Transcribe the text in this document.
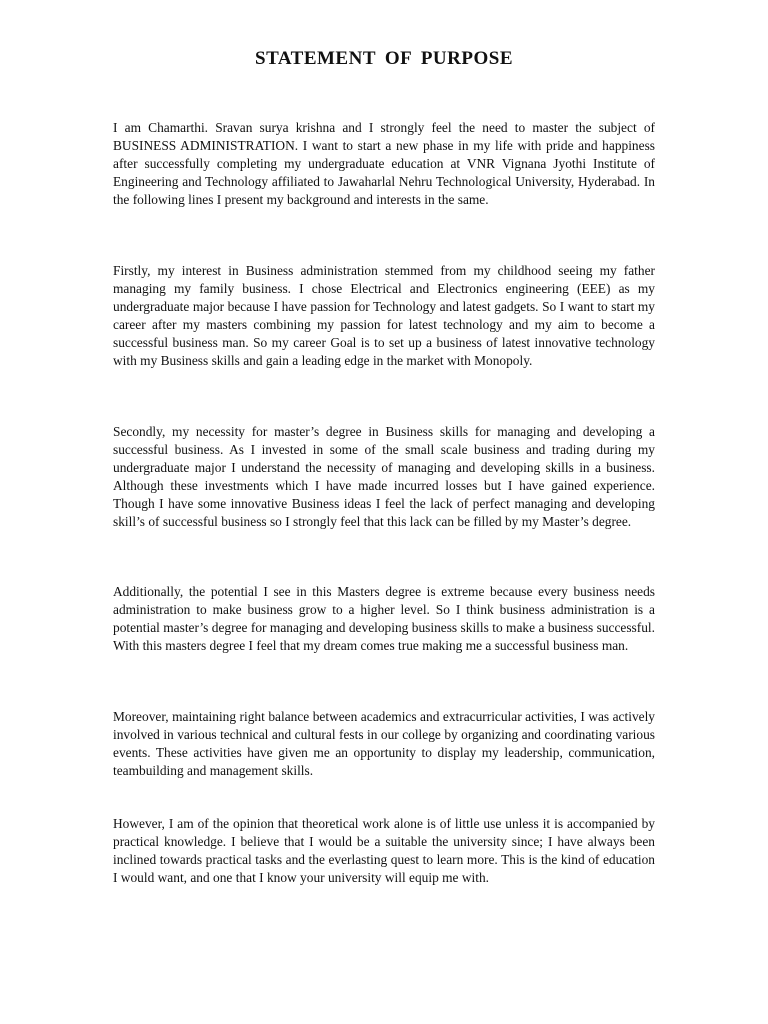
STATEMENT OF PURPOSE

I am Chamarthi. Sravan surya krishna and I strongly feel the need to master the subject of BUSINESS ADMINISTRATION. I want to start a new phase in my life with pride and happiness after successfully completing my undergraduate education at VNR Vignana Jyothi Institute of Engineering and Technology affiliated to Jawaharlal Nehru Technological University, Hyderabad. In the following lines I present my background and interests in the same.

Firstly, my interest in Business administration stemmed from my childhood seeing my father managing my family business. I chose Electrical and Electronics engineering (EEE) as my undergraduate major because I have passion for Technology and latest gadgets. So I want to start my career after my masters combining my passion for latest technology and my aim to become a successful business man. So my career Goal is to set up a business of latest innovative technology with my Business skills and gain a leading edge in the market with Monopoly.

Secondly, my necessity for master’s degree in Business skills for managing and developing a successful business. As I invested in some of the small scale business and trading during my undergraduate major I understand the necessity of managing and developing skills in a business. Although these investments which I have made incurred losses but I have gained experience. Though I have some innovative Business ideas I feel the lack of perfect managing and developing skill’s of successful business so I strongly feel that this lack can be filled by my Master’s degree.

Additionally, the potential I see in this Masters degree is extreme because every business needs administration to make business grow to a higher level. So I think business administration is a potential master’s degree for managing and developing business skills to make a business successful. With this masters degree I feel that my dream comes true making me a successful business man.

Moreover, maintaining right balance between academics and extracurricular activities, I was actively involved in various technical and cultural fests in our college by organizing and coordinating various events. These activities have given me an opportunity to display my leadership, communication, teambuilding and management skills.

However, I am of the opinion that theoretical work alone is of little use unless it is accompanied by practical knowledge. I believe that I would be a suitable the university since; I have always been inclined towards practical tasks and the everlasting quest to learn more. This is the kind of education I would want, and one that I know your university will equip me with.
